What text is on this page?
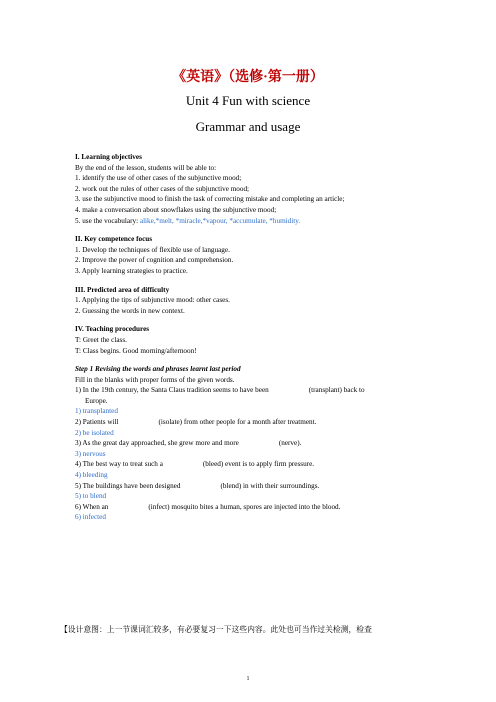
《英语》（选修·第一册）
Unit 4 Fun with science
Grammar and usage
I. Learning objectives
By the end of the lesson, students will be able to:
1. identify the use of other cases of the subjunctive mood;
2. work out the rules of other cases of the subjunctive mood;
3. use the subjunctive mood to finish the task of correcting mistake and completing an article;
4. make a conversation about snowflakes using the subjunctive mood;
5. use the vocabulary: alike,*melt, *miracle,*vapour, *accumulate, *humidity.
II. Key competence focus
1. Develop the techniques of flexible use of language.
2. Improve the power of cognition and comprehension.
3. Apply learning strategies to practice.
III. Predicted area of difficulty
1. Applying the tips of subjunctive mood: other cases.
2. Guessing the words in new context.
IV. Teaching procedures
T: Greet the class.
T: Class begins. Good morning/afternoon!
Step 1 Revising the words and phrases learnt last period
Fill in the blanks with proper forms of the given words.
1) In the 19th century, the Santa Claus tradition seems to have been	(transplant) back to
Europe.
1) transplanted
2) Patients will	(isolate) from other people for a month after treatment.
2) be isolated
3) As the great day approached, she grew more and more	(nerve).
3) nervous
4) The best way to treat such a	(bleed) event is to apply firm pressure.
4) bleeding
5) The buildings have been designed	(blend) in with their surroundings.
5) to blend
6) When an	(infect) mosquito bites a human, spores are injected into the blood.
6) infected
【设计意图：上一节课词汇较多，有必要复习一下这些内容。此处也可当作过关检测，检查
1
